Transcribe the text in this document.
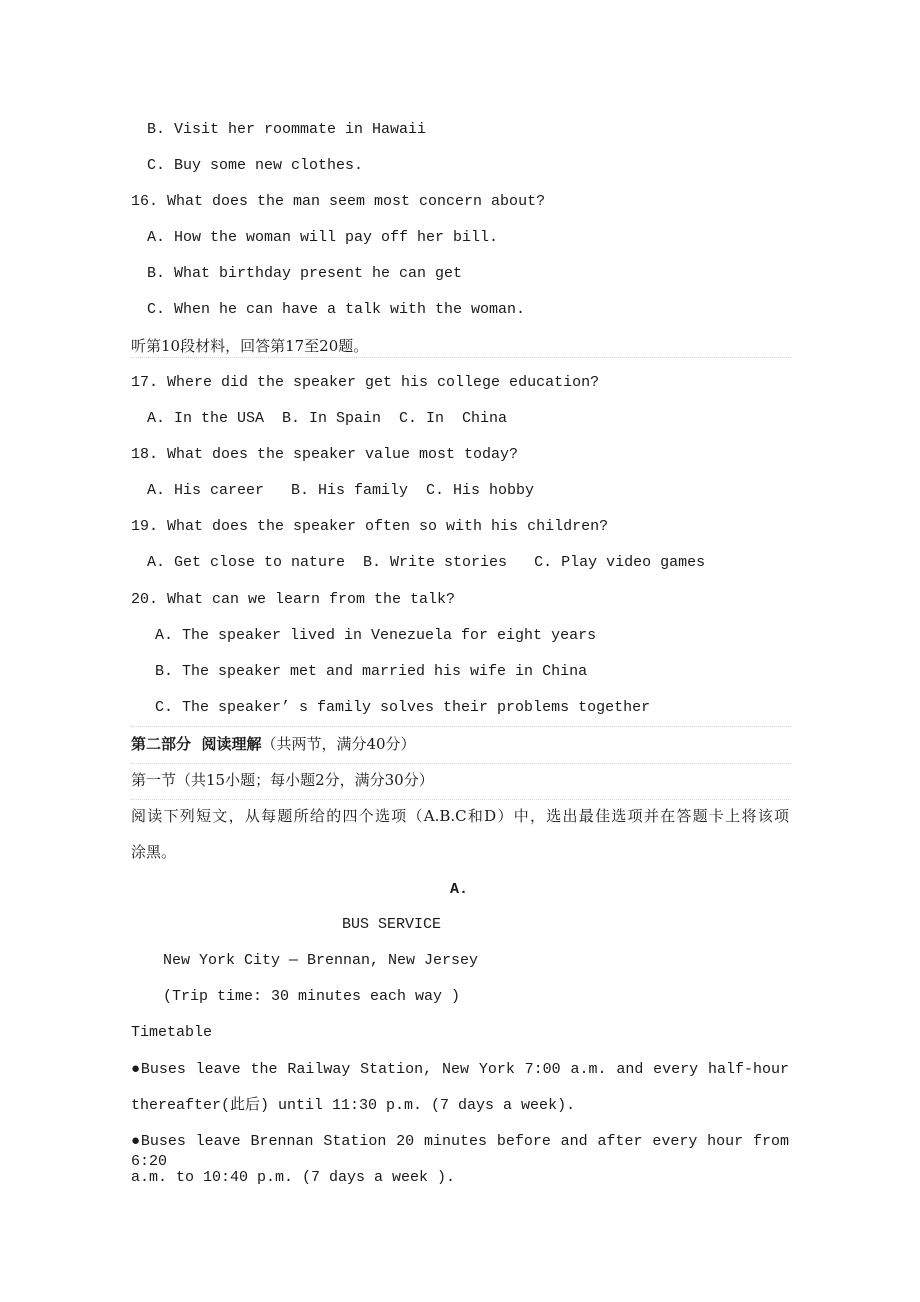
B. Visit her roommate in Hawaii
C. Buy some new clothes.
16. What does the man seem most concern about?
A. How the woman will pay off her bill.
B. What birthday present he can get
C. When he can have a talk with the woman.
听第10段材料，回答第17至20题。
17. Where did the speaker get his college education?
A. In the USA  B. In Spain  C. In  China
18. What does the speaker value most today?
A. His career   B. His family  C. His hobby
19. What does the speaker often so with his children?
A. Get close to nature  B. Write stories   C. Play video games
20. What can we learn from the talk?
A. The speaker lived in Venezuela for eight years
B. The speaker met and married his wife in China
C. The speaker’ s family solves their problems together
第二部分  阅读理解（共两节，满分40分）
第一节（共15小题；每小题2分，满分30分）
阅读下列短文，从每题所给的四个选项（A.B.C和D）中，选出最佳选项并在答题卡上将该项
涂黑。
A.
BUS SERVICE
New York City — Brennan, New Jersey
(Trip time: 30 minutes each way )
Timetable
●Buses leave the Railway Station, New York 7:00 a.m. and every half-hour
thereafter(此后) until 11:30 p.m. (7 days a week).
●Buses leave Brennan Station 20 minutes before and after every hour from 6:20
a.m. to 10:40 p.m. (7 days a week ).
